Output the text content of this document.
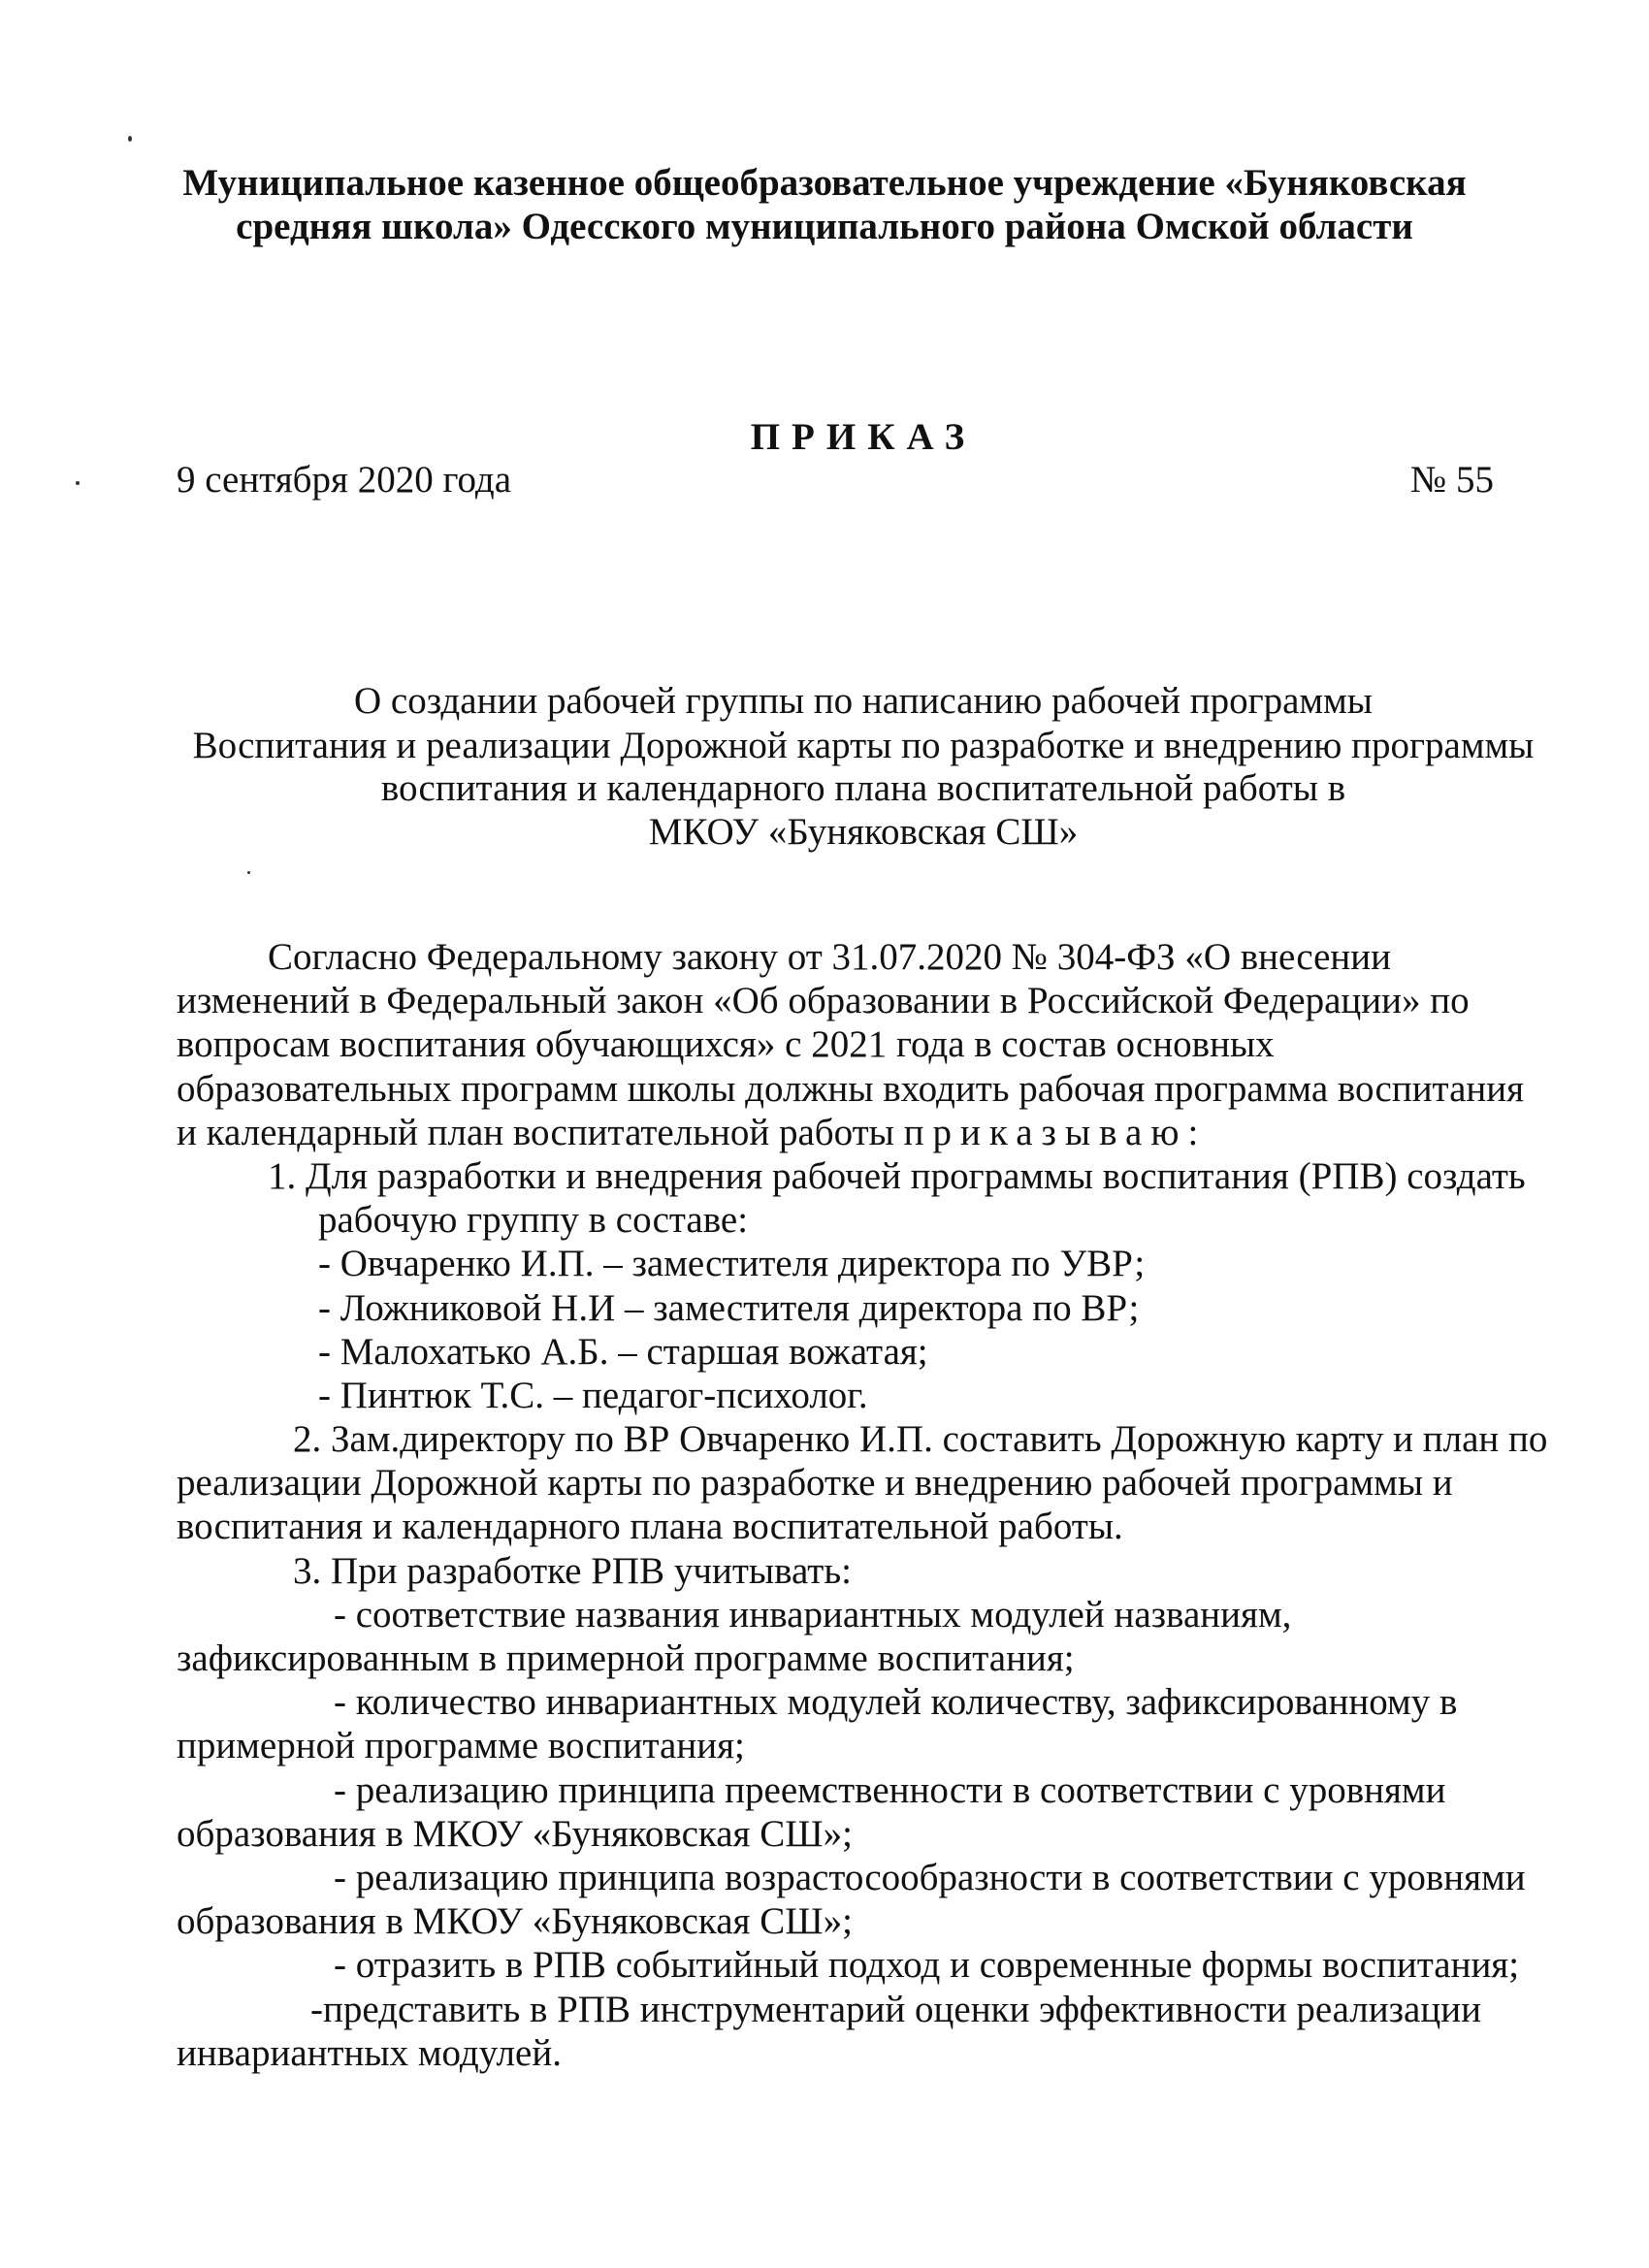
Муниципальное казенное общеобразовательное учреждение «Буняковская
средняя школа» Одесского муниципального района Омской области
ПРИКАЗ
9 сентября 2020 года	№ 55
О создании рабочей группы по написанию рабочей программы
Воспитания и реализации Дорожной карты по разработке и внедрению программы
воспитания и календарного плана воспитательной работы в
МКОУ «Буняковская СШ»
Согласно Федеральному закону от 31.07.2020 № 304-ФЗ «О внесении
изменений в Федеральный закон «Об образовании в Российской Федерации» по
вопросам воспитания обучающихся» с 2021 года в состав основных
образовательных программ школы должны входить рабочая программа воспитания
и календарный план воспитательной работы приказываю:
1. Для разработки и внедрения рабочей программы воспитания (РПВ) создать
рабочую группу в составе:
- Овчаренко И.П. – заместителя директора по УВР;
- Ложниковой Н.И – заместителя директора по ВР;
- Малохатько А.Б. – старшая вожатая;
- Пинтюк Т.С. – педагог-психолог.
2. Зам.директору по ВР Овчаренко И.П. составить Дорожную карту и план по
реализации Дорожной карты по разработке и внедрению рабочей программы и
воспитания и календарного плана воспитательной работы.
3. При разработке РПВ учитывать:
- соответствие названия инвариантных модулей названиям,
зафиксированным в примерной программе воспитания;
- количество инвариантных модулей количеству, зафиксированному в
примерной программе воспитания;
- реализацию принципа преемственности в соответствии с уровнями
образования в МКОУ «Буняковская СШ»;
- реализацию принципа возрастосообразности в соответствии с уровнями
образования в МКОУ «Буняковская СШ»;
- отразить в РПВ событийный подход и современные формы воспитания;
-представить в РПВ инструментарий оценки эффективности реализации
инвариантных модулей.
